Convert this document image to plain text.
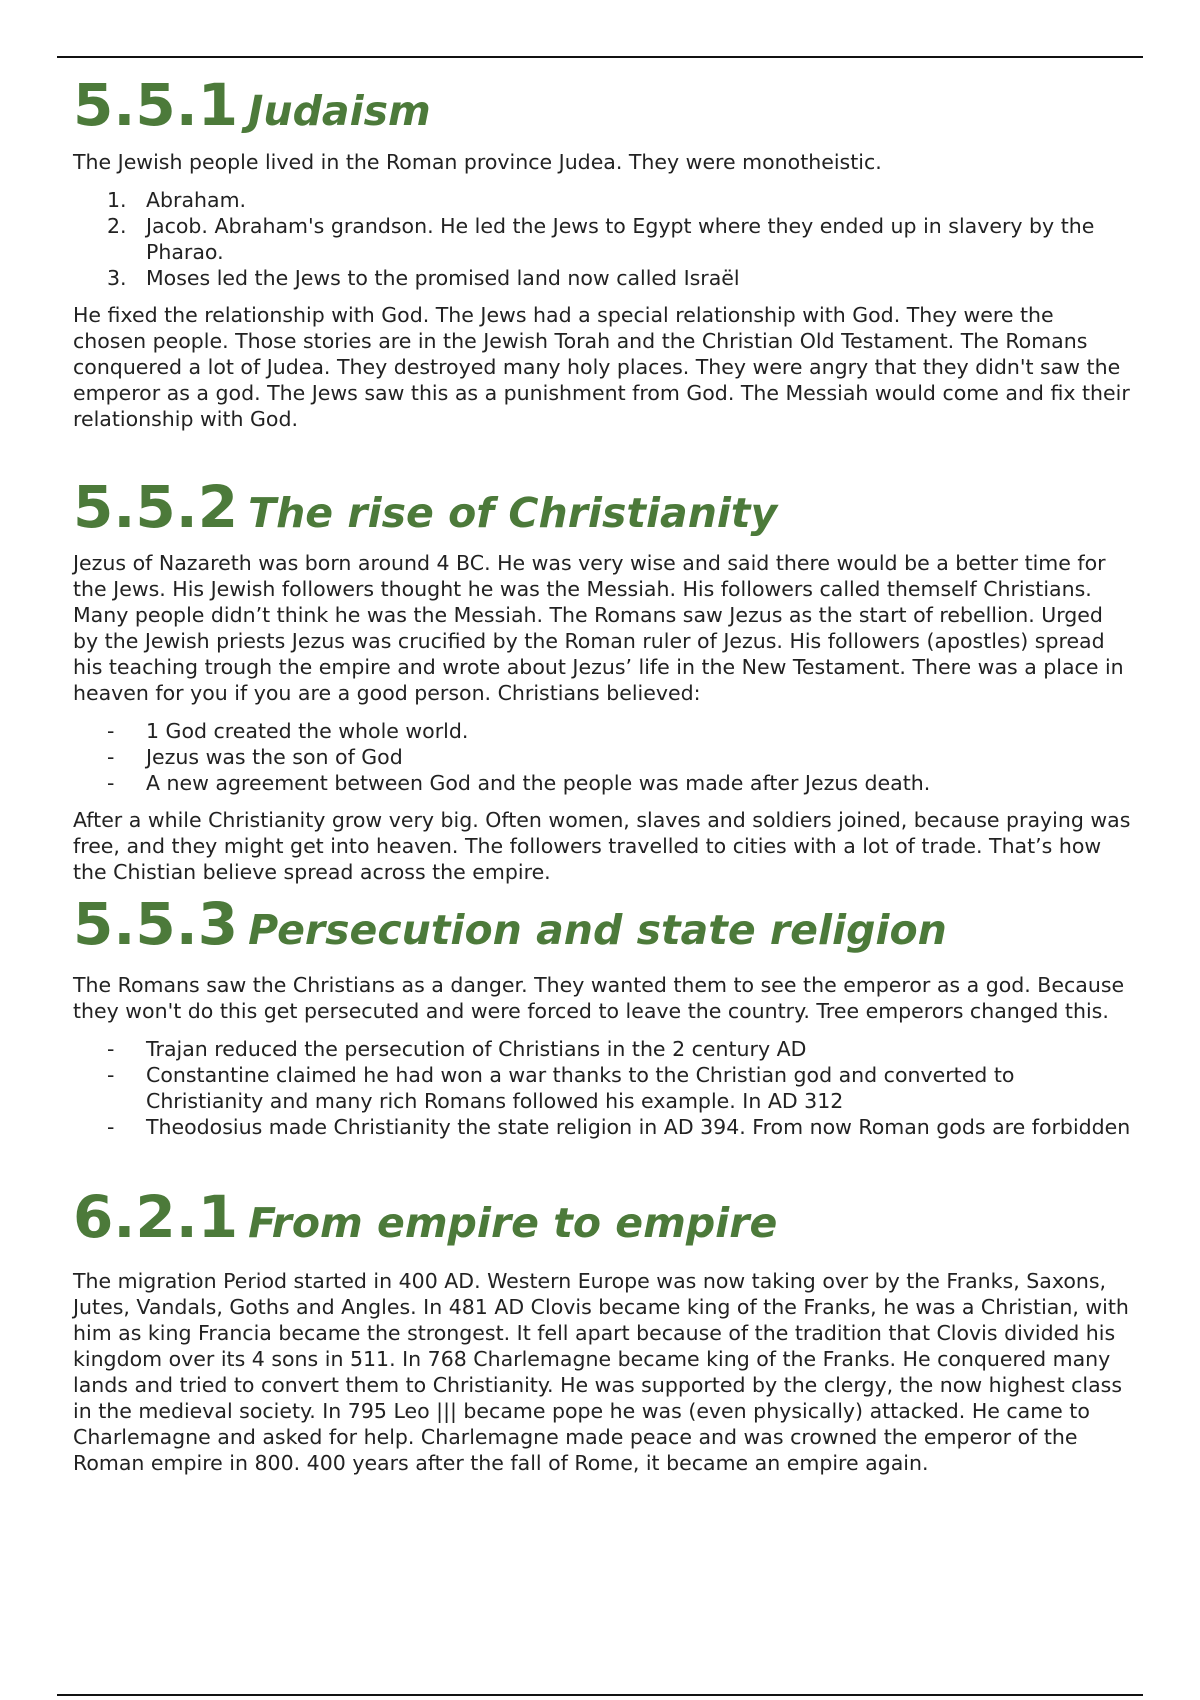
5.5.1 Judaism

The Jewish people lived in the Roman province Judea. They were monotheistic.

1. Abraham.
2. Jacob. Abraham's grandson. He led the Jews to Egypt where they ended up in slavery by the Pharao.
3. Moses led the Jews to the promised land now called Israël

He fixed the relationship with God. The Jews had a special relationship with God. They were the chosen people. Those stories are in the Jewish Torah and the Christian Old Testament. The Romans conquered a lot of Judea. They destroyed many holy places. They were angry that they didn't saw the emperor as a god. The Jews saw this as a punishment from God. The Messiah would come and fix their relationship with God.

5.5.2 The rise of Christianity

Jezus of Nazareth was born around 4 BC. He was very wise and said there would be a better time for the Jews. His Jewish followers thought he was the Messiah. His followers called themself Christians. Many people didn’t think he was the Messiah. The Romans saw Jezus as the start of rebellion. Urged by the Jewish priests Jezus was crucified by the Roman ruler of Jezus. His followers (apostles) spread his teaching trough the empire and wrote about Jezus’ life in the New Testament. There was a place in heaven for you if you are a good person. Christians believed:

- 1 God created the whole world.
- Jezus was the son of God
- A new agreement between God and the people was made after Jezus death.

After a while Christianity grow very big. Often women, slaves and soldiers joined, because praying was free, and they might get into heaven. The followers travelled to cities with a lot of trade. That’s how the Chistian believe spread across the empire.

5.5.3 Persecution and state religion

The Romans saw the Christians as a danger. They wanted them to see the emperor as a god. Because they won't do this get persecuted and were forced to leave the country. Tree emperors changed this.

- Trajan reduced the persecution of Christians in the 2 century AD
- Constantine claimed he had won a war thanks to the Christian god and converted to Christianity and many rich Romans followed his example. In AD 312
- Theodosius made Christianity the state religion in AD 394. From now Roman gods are forbidden
6.2.1 From empire to empire

The migration Period started in 400 AD. Western Europe was now taking over by the Franks, Saxons, Jutes, Vandals, Goths and Angles. In 481 AD Clovis became king of the Franks, he was a Christian, with him as king Francia became the strongest. It fell apart because of the tradition that Clovis divided his kingdom over its 4 sons in 511. In 768 Charlemagne became king of the Franks. He conquered many lands and tried to convert them to Christianity. He was supported by the clergy, the now highest class in the medieval society. In 795 Leo ||| became pope he was (even physically) attacked. He came to Charlemagne and asked for help. Charlemagne made peace and was crowned the emperor of the Roman empire in 800. 400 years after the fall of Rome, it became an empire again.
